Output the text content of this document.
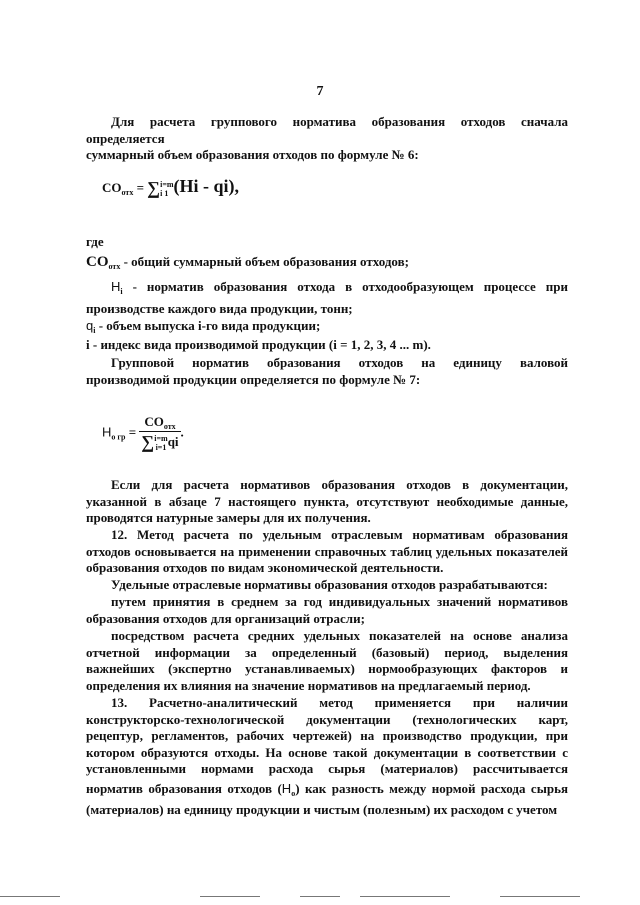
7
Для расчета группового норматива образования отходов сначала определяется
суммарный объем образования отходов по формуле № 6:
$CO_{отх}$ = ∑ i=m
i 1 (Hi - qi),
где
$CO_{отх}$ - общий суммарный объем образования отходов;
$H_i$ - норматив образования отхода в отходообразующем процессе при
производстве каждого вида продукции, тонн;
$q_i$ - объем выпуска i-го вида продукции;
i - индекс вида производимой продукции (i = 1, 2, 3, 4 ... m).
Групповой норматив образования отходов на единицу валовой
производимой продукции определяется по формуле № 7:
$H_{о гр} = CO_{отх}$
∑ i=m
i=1 qi .
Если для расчета нормативов образования отходов в документации,
указанной в абзаце 7 настоящего пункта, отсутствуют необходимые данные,
проводятся натурные замеры для их получения.
12. Метод расчета по удельным отраслевым нормативам образования
отходов основывается на применении справочных таблиц удельных показателей
образования отходов по видам экономической деятельности.
Удельные отраслевые нормативы образования отходов разрабатываются:
путем принятия в среднем за год индивидуальных значений нормативов
образования отходов для организаций отрасли;
посредством расчета средних удельных показателей на основе анализа
отчетной информации за определенный (базовый) период, выделения
важнейших (экспертно устанавливаемых) нормообразующих факторов и
определения их влияния на значение нормативов на предлагаемый период.
13. Расчетно-аналитический метод применяется при наличии
конструкторско-технологической документации (технологических карт,
рецептур, регламентов, рабочих чертежей) на производство продукции, при
котором образуются отходы. На основе такой документации в соответствии с
установленными нормами расхода сырья (материалов) рассчитывается
норматив образования отходов $(H_о)$ как разность между нормой расхода сырья
(материалов) на единицу продукции и чистым (полезным) их расходом с учетом
